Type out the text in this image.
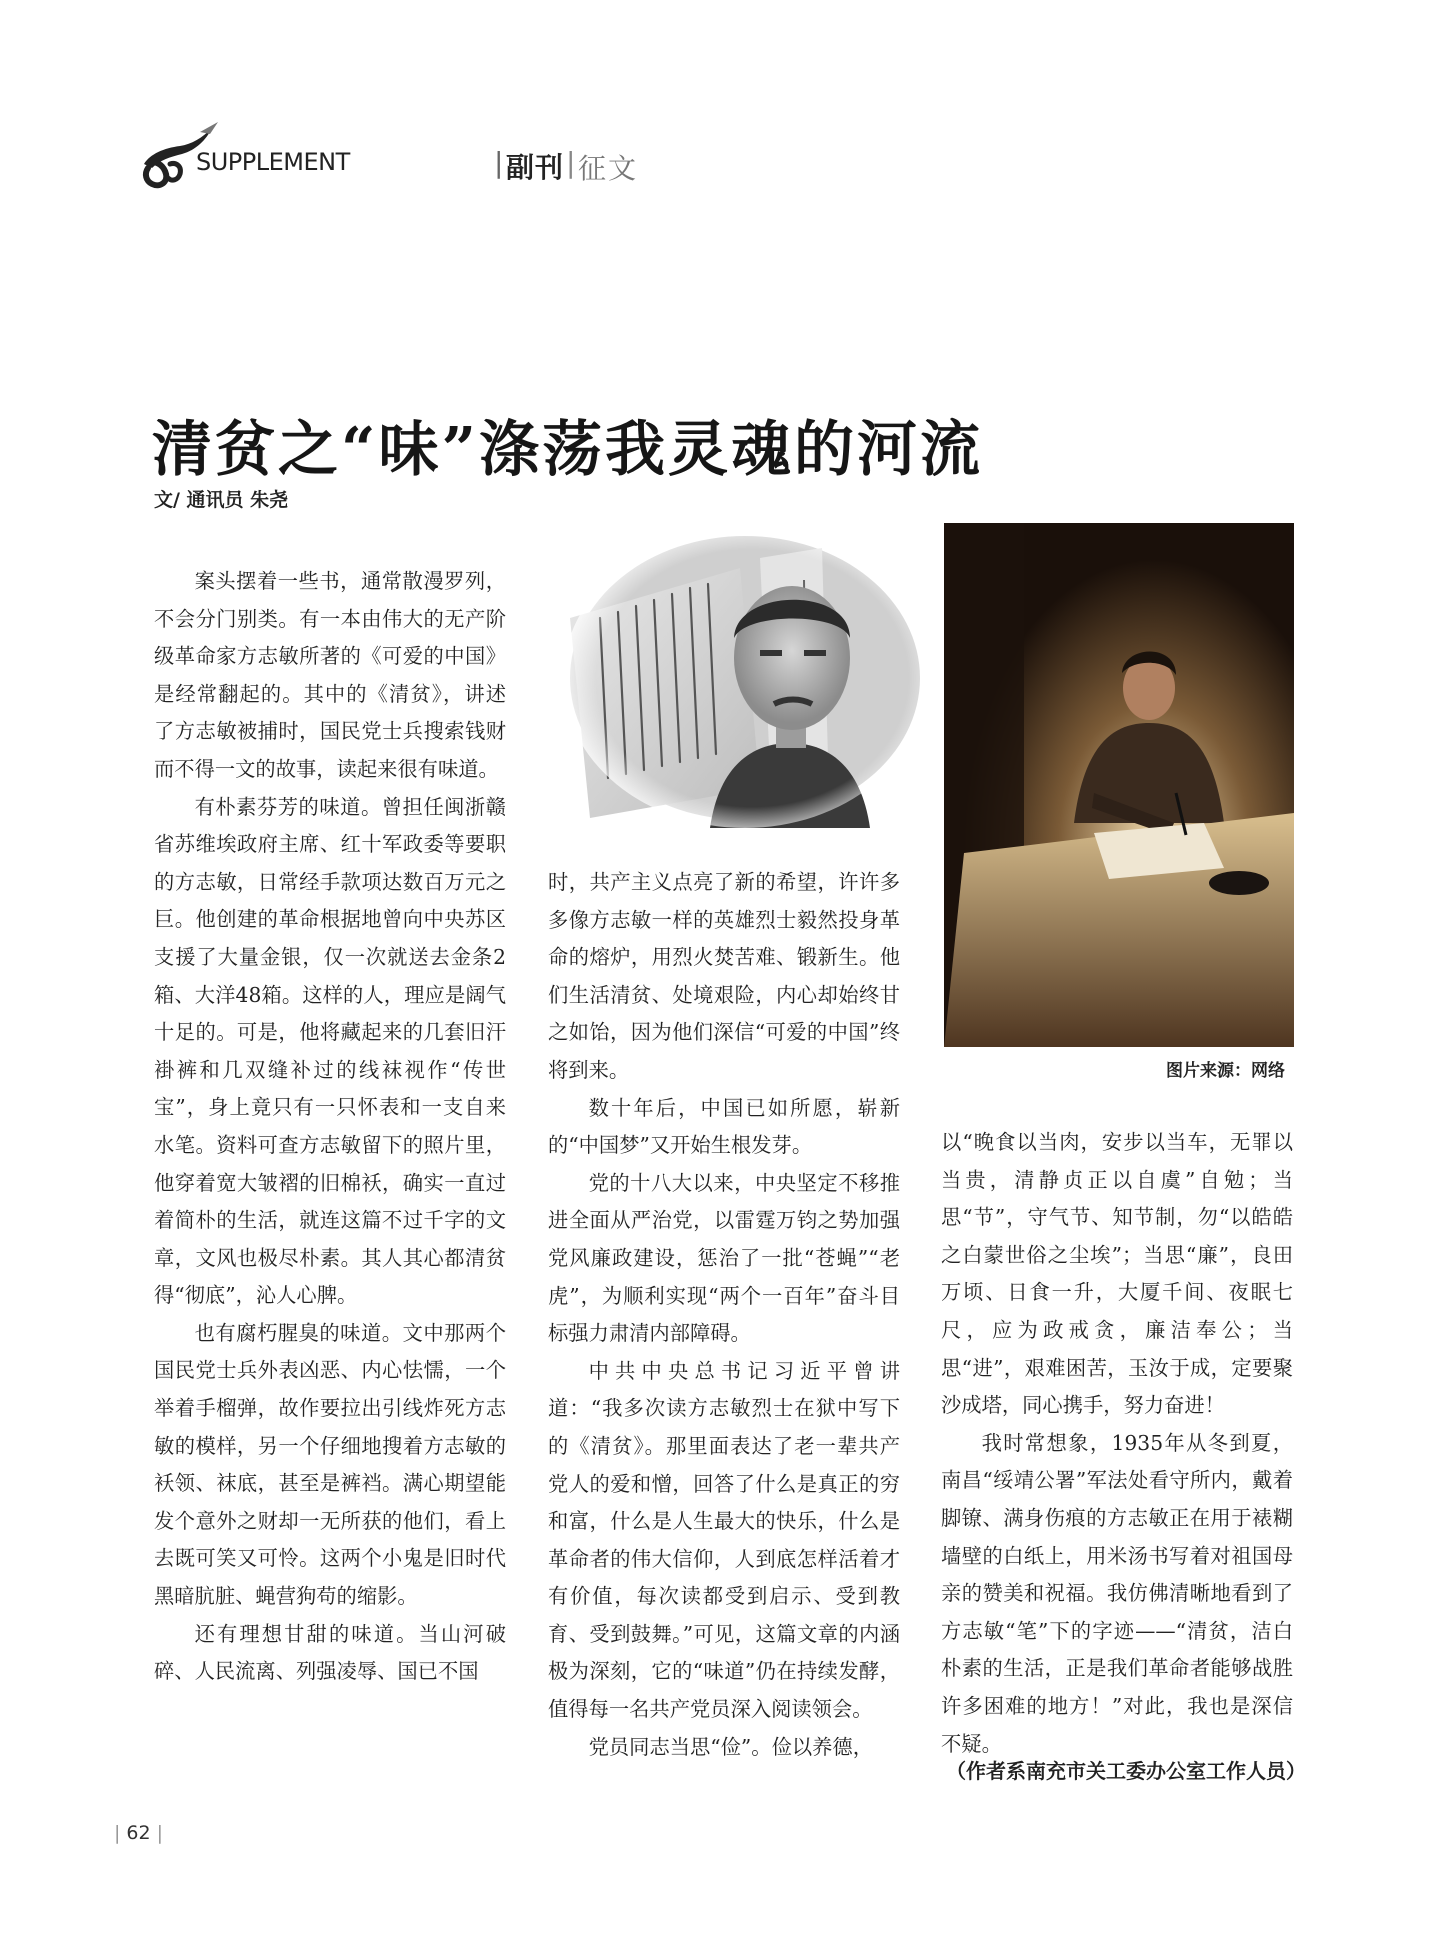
SUPPLEMENT	| 副刊 | 征文
清贫之“味”涤荡我灵魂的河流
文/ 通讯员 朱尧
图片来源：网络

案头摆着一些书，通常散漫罗列，不会分门别类。有一本由伟大的无产阶级革命家方志敏所著的《可爱的中国》是经常翻起的。其中的《清贫》，讲述了方志敏被捕时，国民党士兵搜索钱财而不得一文的故事，读起来很有味道。

有朴素芬芳的味道。曾担任闽浙赣省苏维埃政府主席、红十军政委等要职的方志敏，日常经手款项达数百万元之巨。他创建的革命根据地曾向中央苏区支援了大量金银，仅一次就送去金条2箱、大洋48箱。这样的人，理应是阔气十足的。可是，他将藏起来的几套旧汗褂裤和几双缝补过的线袜视作“传世宝”，身上竟只有一只怀表和一支自来水笔。资料可查方志敏留下的照片里，他穿着宽大皱褶的旧棉袄，确实一直过着简朴的生活，就连这篇不过千字的文章，文风也极尽朴素。其人其心都清贫得“彻底”，沁人心脾。

也有腐朽腥臭的味道。文中那两个国民党士兵外表凶恶、内心怯懦，一个举着手榴弹，故作要拉出引线炸死方志敏的模样，另一个仔细地搜着方志敏的袄领、袜底，甚至是裤裆。满心期望能发个意外之财却一无所获的他们，看上去既可笑又可怜。这两个小鬼是旧时代黑暗肮脏、蝇营狗苟的缩影。

还有理想甘甜的味道。当山河破碎、人民流离、列强凌辱、国已不国

时，共产主义点亮了新的希望，许许多多像方志敏一样的英雄烈士毅然投身革命的熔炉，用烈火焚苦难、锻新生。他们生活清贫、处境艰险，内心却始终甘之如饴，因为他们深信“可爱的中国”终将到来。

数十年后，中国已如所愿，崭新的“中国梦”又开始生根发芽。

党的十八大以来，中央坚定不移推进全面从严治党，以雷霆万钧之势加强党风廉政建设，惩治了一批“苍蝇”“老虎”，为顺利实现“两个一百年”奋斗目标强力肃清内部障碍。

中共中央总书记习近平曾讲道：“我多次读方志敏烈士在狱中写下的《清贫》。那里面表达了老一辈共产党人的爱和憎，回答了什么是真正的穷和富，什么是人生最大的快乐，什么是革命者的伟大信仰，人到底怎样活着才有价值，每次读都受到启示、受到教育、受到鼓舞。”可见，这篇文章的内涵极为深刻，它的“味道”仍在持续发酵，值得每一名共产党员深入阅读领会。

党员同志当思“俭”。俭以养德，

以“晚食以当肉，安步以当车，无罪以当贵，清静贞正以自虞”自勉；当思“节”，守气节、知节制，勿“以皓皓之白蒙世俗之尘埃”；当思“廉”，良田万顷、日食一升，大厦千间、夜眠七尺，应为政戒贪，廉洁奉公；当思“进”，艰难困苦，玉汝于成，定要聚沙成塔，同心携手，努力奋进！

我时常想象，1935年从冬到夏，南昌“绥靖公署”军法处看守所内，戴着脚镣、满身伤痕的方志敏正在用于裱糊墙壁的白纸上，用米汤书写着对祖国母亲的赞美和祝福。我仿佛清晰地看到了方志敏“笔”下的字迹——“清贫，洁白朴素的生活，正是我们革命者能够战胜许多困难的地方！”对此，我也是深信不疑。

（作者系南充市关工委办公室工作人员）
| 62 |
